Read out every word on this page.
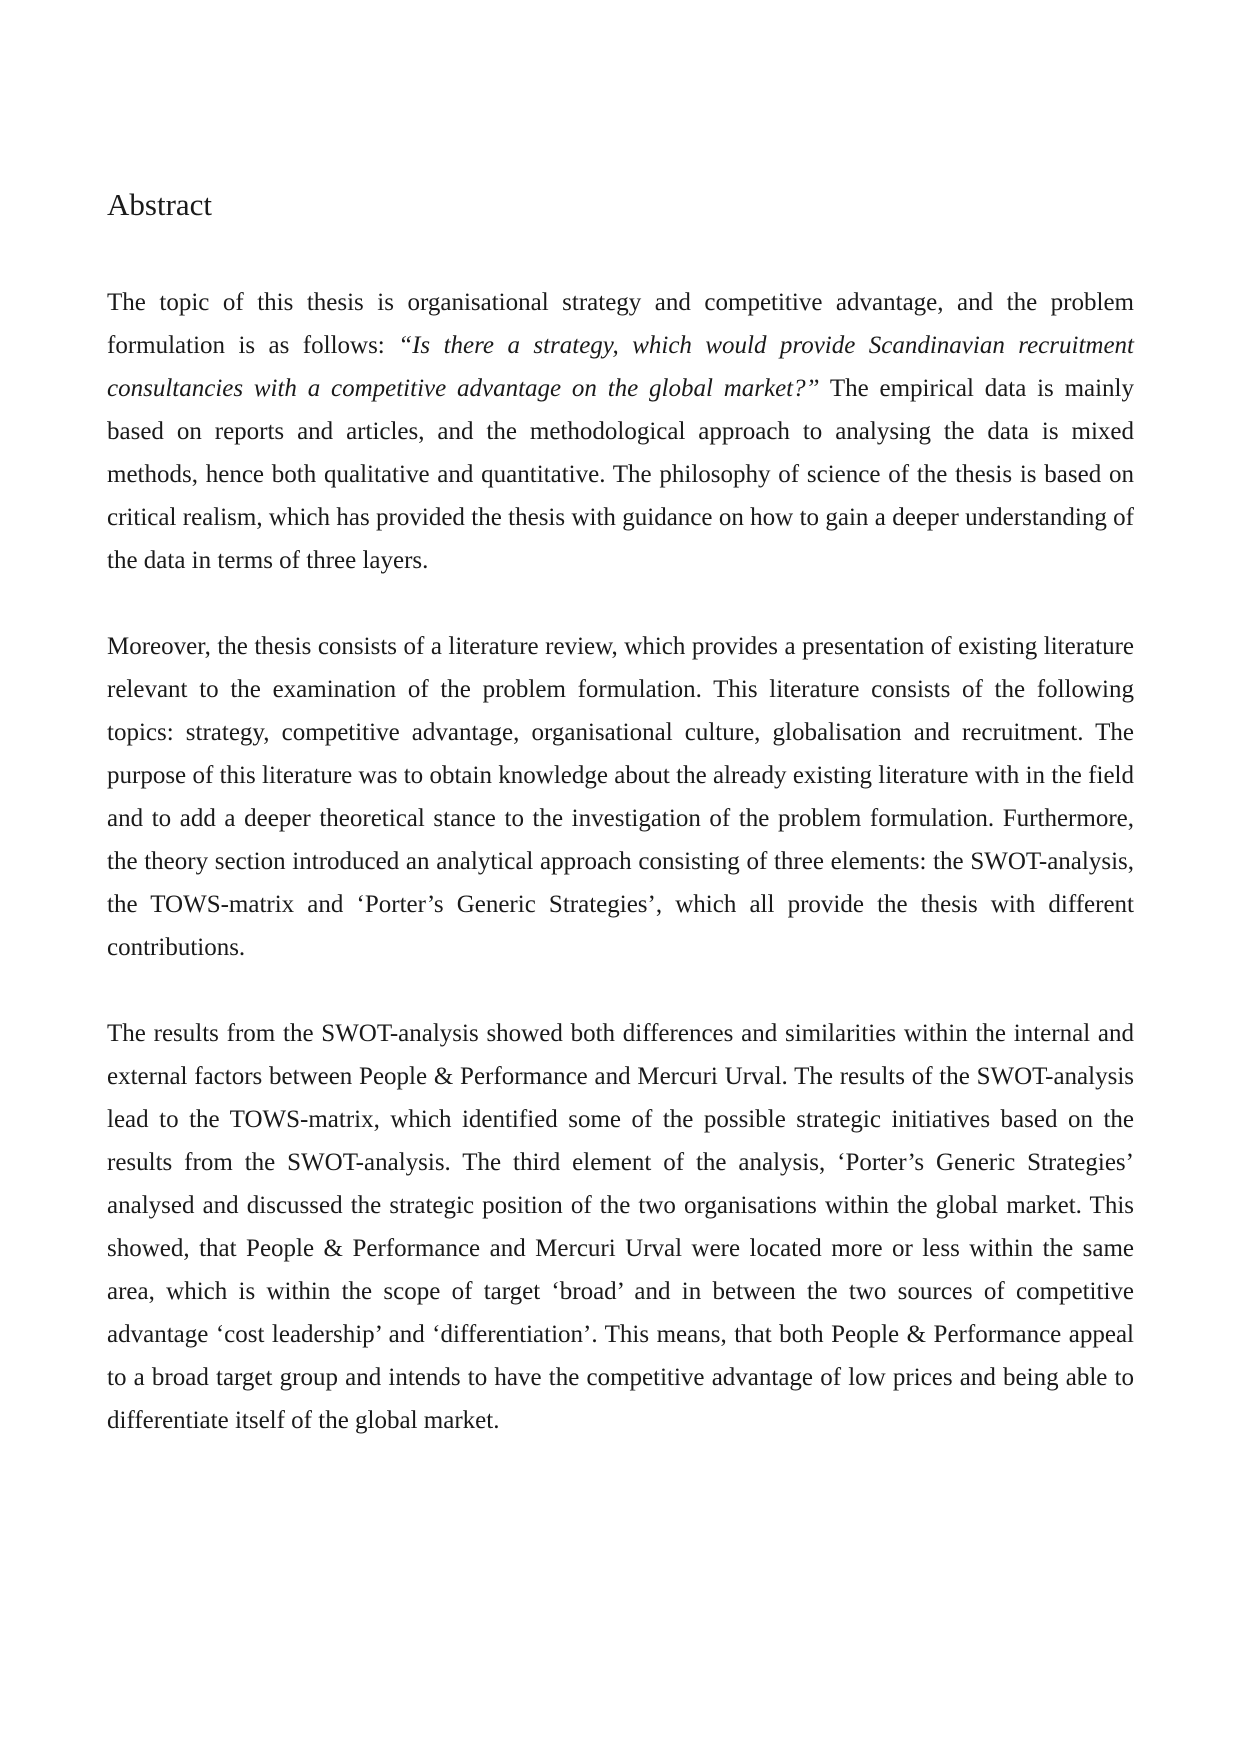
Abstract

The topic of this thesis is organisational strategy and competitive advantage, and the problem formulation is as follows: “Is there a strategy, which would provide Scandinavian recruitment consultancies with a competitive advantage on the global market?” The empirical data is mainly based on reports and articles, and the methodological approach to analysing the data is mixed methods, hence both qualitative and quantitative. The philosophy of science of the thesis is based on critical realism, which has provided the thesis with guidance on how to gain a deeper understanding of the data in terms of three layers.

Moreover, the thesis consists of a literature review, which provides a presentation of existing literature relevant to the examination of the problem formulation. This literature consists of the following topics: strategy, competitive advantage, organisational culture, globalisation and recruitment. The purpose of this literature was to obtain knowledge about the already existing literature with in the field and to add a deeper theoretical stance to the investigation of the problem formulation. Furthermore, the theory section introduced an analytical approach consisting of three elements: the SWOT-analysis, the TOWS-matrix and ‘Porter’s Generic Strategies’, which all provide the thesis with different contributions.

The results from the SWOT-analysis showed both differences and similarities within the internal and external factors between People & Performance and Mercuri Urval. The results of the SWOT-analysis lead to the TOWS-matrix, which identified some of the possible strategic initiatives based on the results from the SWOT-analysis. The third element of the analysis, ‘Porter’s Generic Strategies’ analysed and discussed the strategic position of the two organisations within the global market. This showed, that People & Performance and Mercuri Urval were located more or less within the same area, which is within the scope of target ‘broad’ and in between the two sources of competitive advantage ‘cost leadership’ and ‘differentiation’. This means, that both People & Performance appeal to a broad target group and intends to have the competitive advantage of low prices and being able to differentiate itself of the global market.
